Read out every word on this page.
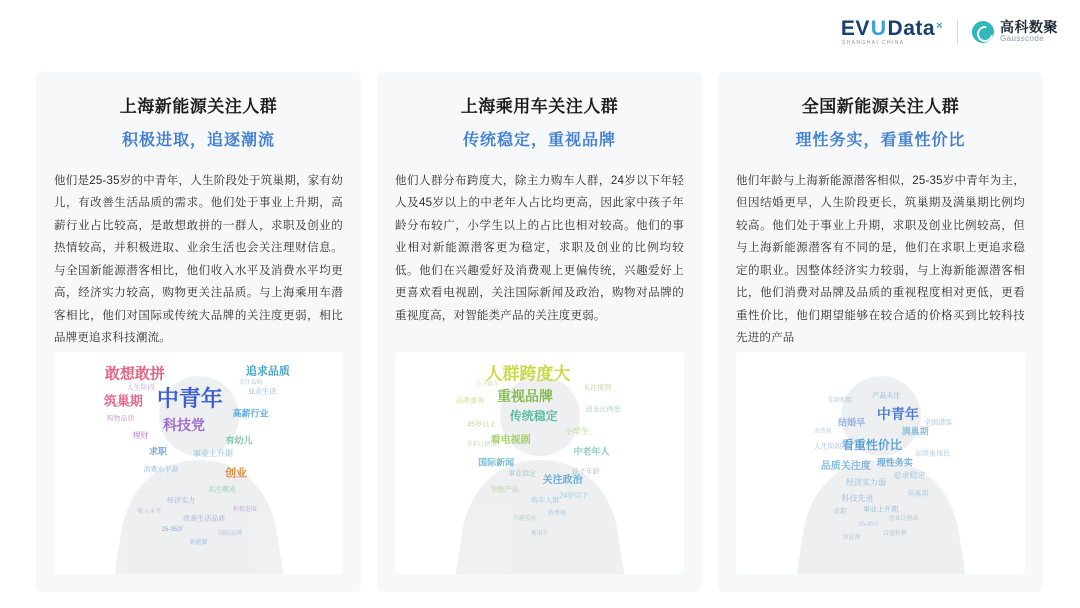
EV U Data ×
SHANGHAI CHINA
高科数聚
Gausscode
上海新能源关注人群
积极进取，追逐潮流
他们是25-35岁的中青年，人生阶段处于筑巢期，家有幼儿，有改善生活品质的需求。他们处于事业上升期，高薪行业占比较高，是敢想敢拼的一群人，求职及创业的热情较高，并积极进取、业余生活也会关注理财信息。与全国新能源潜客相比，他们收入水平及消费水平均更高，经济实力较高，购物更关注品质。与上海乘用车潜客相比，他们对国际或传统大品牌的关注度更弱，相比品牌更追求科技潮流。
中青年
敢想敢拼
筑巢期
科技党
追求品质
创业
高薪行业
有幼儿
求职
理财
事业上升期
消费水平高
关注潮流
经济实力
改善生活品质
收入水平	积极进取
25-35岁
国际品牌
新能源
购物品质
业余生活
人生阶段
关注品质
上海乘用车关注人群
传统稳定，重视品牌
他们人群分布跨度大，除主力购车人群，24岁以下年轻人及45岁以上的中老年人占比均更高，因此家中孩子年龄分布较广，小学生以上的占比也相对较高。他们的事业相对新能源潜客更为稳定，求职及创业的比例均较低。他们在兴趣爱好及消费观上更偏传统，兴趣爱好上更喜欢看电视剧，关注国际新闻及政治，购物对品牌的重视度高，对智能类产品的关注度更弱。
人群跨度大
重视品牌
传统稳定
关注政治
看电视剧
中老年人
国际新闻
小学生
45岁以上
24岁以下
事业稳定
购车人群
智能产品
消费观
兴趣爱好
孩子年龄
乘用车
求职比例低
创业比例低
品牌重视
关注度弱
主力购车
全国新能源关注人群
理性务实，看重性价比
他们年龄与上海新能源潜客相似，25-35岁中青年为主，但因结婚更早，人生阶段更长，筑巢期及满巢期比例均较高。他们处于事业上升期，求职及创业比例较高，但与上海新能源潜客有不同的是，他们在求职上更追求稳定的职业。因整体经济实力较弱，与上海新能源潜客相比，他们消费对品牌及品质的重视程度相对更低，更看重性价比，他们期望能够在较合适的价格买到比较科技先进的产品
中青年
看重性价比
品质关注度
满巢期
结婚早
理性务实
经济实力弱
追求稳定
科技先进	筑巢期
事业上升期
求职
创业比例高
25-35岁
合适价格
新能源
人生阶段长
品牌重视低
消费观
全国潜客
产品关注
年龄相似
